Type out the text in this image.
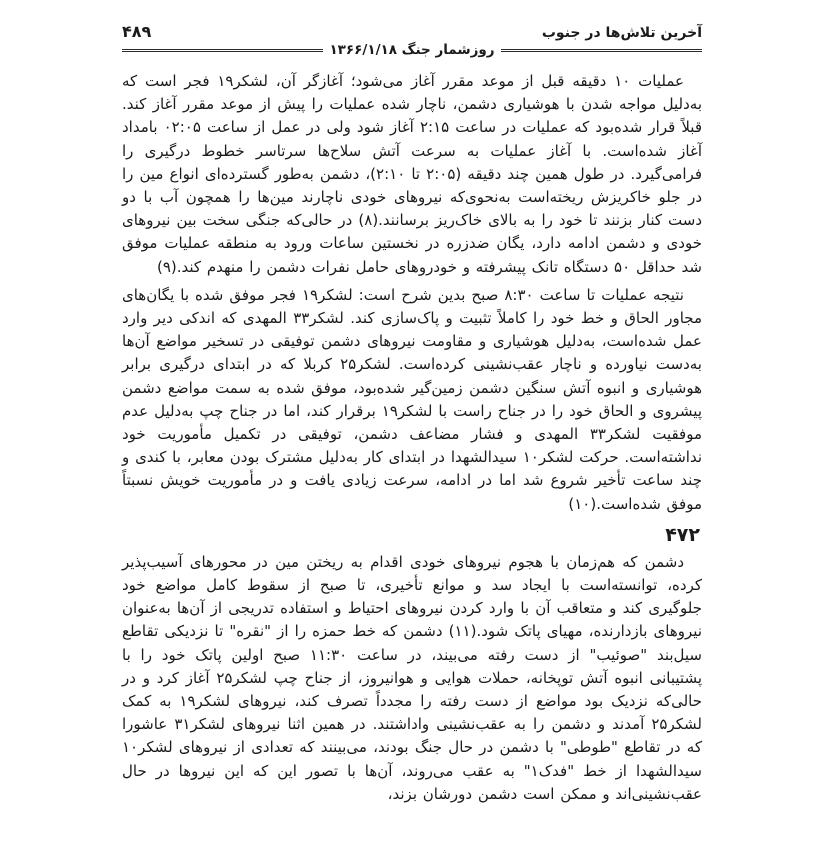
آخرین تلاش‌ها در جنوب
۴۸۹
روزشمار جنگ ۱۳۶۶/۱/۱۸

عملیات ۱۰ دقیقه قبل از موعد مقرر آغاز می‌شود؛ آغازگر آن، لشکر۱۹ فجر است که به‌دلیل مواجه شدن با هوشیاری دشمن، ناچار شده عملیات را پیش از موعد مقرر آغاز کند. قبلاً قرار شده‌بود که عملیات در ساعت ۲:۱۵ آغاز شود ولی در عمل از ساعت ۰۲:۰۵ بامداد آغاز شده‌است. با آغاز عملیات به سرعت آتش سلاح‌ها سرتاسر خطوط درگیری را فرامی‌گیرد. در طول همین چند دقیقه (۲:۰۵ تا ۲:۱۰)، دشمن به‌طور گسترده‌ای انواع مین را در جلو خاکریزش ریخته‌است به‌نحوی‌که نیروهای خودی ناچارند مین‌ها را همچون آب با دو دست کنار بزنند تا خود را به بالای خاک‌ریز برسانند.(۸) در حالی‌که جنگی سخت بین نیروهای خودی و دشمن ادامه دارد، یگان ضدزره در نخستین ساعات ورود به منطقه عملیات موفق شد حداقل ۵۰ دستگاه تانک پیشرفته و خودروهای حامل نفرات دشمن را منهدم کند.(۹)

نتیجه عملیات تا ساعت ۸:۳۰ صبح بدین شرح است: لشکر۱۹ فجر موفق شده با یگان‌های مجاور الحاق و خط خود را کاملاً تثبیت و پاک‌سازی کند. لشکر۳۳ المهدی که اندکی دیر وارد عمل شده‌است، به‌دلیل هوشیاری و مقاومت نیروهای دشمن توفیقی در تسخیر مواضع آن‌ها به‌دست نیاورده و ناچار عقب‌نشینی کرده‌است. لشکر۲۵ کربلا که در ابتدای درگیری برابر هوشیاری و انبوه آتش سنگین دشمن زمین‌گیر شده‌بود، موفق شده به سمت مواضع دشمن پیشروی و الحاق خود را در جناح راست با لشکر۱۹ برقرار کند، اما در جناح چپ به‌دلیل عدم موفقیت لشکر۳۳ المهدی و فشار مضاعف دشمن، توفیقی در تکمیل مأموریت خود نداشته‌است. حرکت لشکر۱۰ سیدالشهدا در ابتدای کار به‌دلیل مشترک بودن معابر، با کندی و چند ساعت تأخیر شروع شد اما در ادامه، سرعت زیادی یافت و در مأموریت خویش نسبتاً موفق شده‌است.(۱۰)

۴۷۲

دشمن که هم‌زمان با هجوم نیروهای خودی اقدام به ریختن مین در محورهای آسیب‌پذیر کرده، توانسته‌است با ایجاد سد و موانع تأخیری، تا صبح از سقوط کامل مواضع خود جلوگیری کند و متعاقب آن با وارد کردن نیروهای احتیاط و استفاده تدریجی از آن‌ها به‌عنوان نیروهای بازدارنده، مهیای پاتک شود.(۱۱) دشمن که خط حمزه را از "نقره" تا نزدیکی تقاطع سیل‌بند "صوئیب" از دست رفته می‌بیند، در ساعت ۱۱:۳۰ صبح اولین پاتک خود را با پشتیبانی انبوه آتش توپخانه، حملات هوایی و هوانیروز، از جناح چپ لشکر۲۵ آغاز کرد و در حالی‌که نزدیک بود مواضع از دست رفته را مجدداً تصرف کند، نیروهای لشکر۱۹ به کمک لشکر۲۵ آمدند و دشمن را به عقب‌نشینی واداشتند. در همین اثنا نیروهای لشکر۳۱ عاشورا که در تقاطع "طوطی" با دشمن در حال جنگ بودند، می‌بینند که تعدادی از نیروهای لشکر۱۰ سیدالشهدا از خط "فدک۱" به عقب می‌روند، آن‌ها با تصور این که این نیروها در حال عقب‌نشینی‌اند و ممکن است دشمن دورشان بزند،
